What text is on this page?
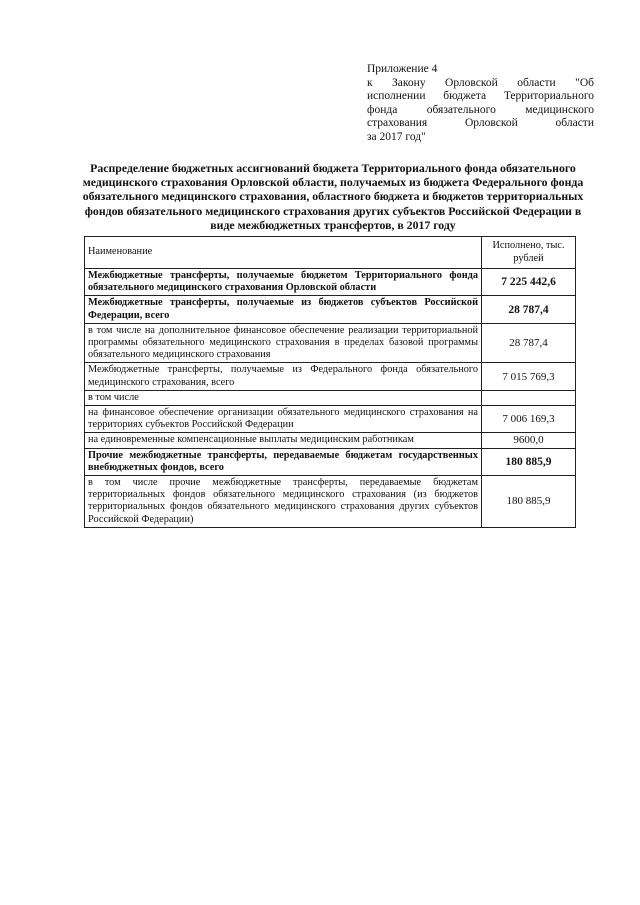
Приложение 4
к Закону Орловской области "Об
исполнении бюджета Территориального
фонда обязательного медицинского
страхования Орловской области
за 2017 год"
Распределение бюджетных ассигнований бюджета Территориального фонда обязательного медицинского страхования Орловской области, получаемых из бюджета Федерального фонда обязательного медицинского страхования, областного бюджета и бюджетов территориальных фондов обязательного медицинского страхования других субъектов Российской Федерации в виде межбюджетных трансфертов, в 2017 году
Наименование	Исполнено, тыс. рублей
Межбюджетные трансферты, получаемые бюджетом Территориального фонда обязательного медицинского страхования Орловской области	7 225 442,6
Межбюджетные трансферты, получаемые из бюджетов субъектов Российской Федерации, всего	28 787,4
в том числе на дополнительное финансовое обеспечение реализации территориальной программы обязательного медицинского страхования в пределах базовой программы обязательного медицинского страхования	28 787,4
Межбюджетные трансферты, получаемые из Федерального фонда обязательного медицинского страхования, всего	7 015 769,3
в том числе	
на финансовое обеспечение организации обязательного медицинского страхования на территориях субъектов Российской Федерации	7 006 169,3
на единовременные компенсационные выплаты медицинским работникам	9600,0
Прочие межбюджетные трансферты, передаваемые бюджетам государственных внебюджетных фондов, всего	180 885,9
в том числе прочие межбюджетные трансферты, передаваемые бюджетам территориальных фондов обязательного медицинского страхования (из бюджетов территориальных фондов обязательного медицинского страхования других субъектов Российской Федерации)	180 885,9
